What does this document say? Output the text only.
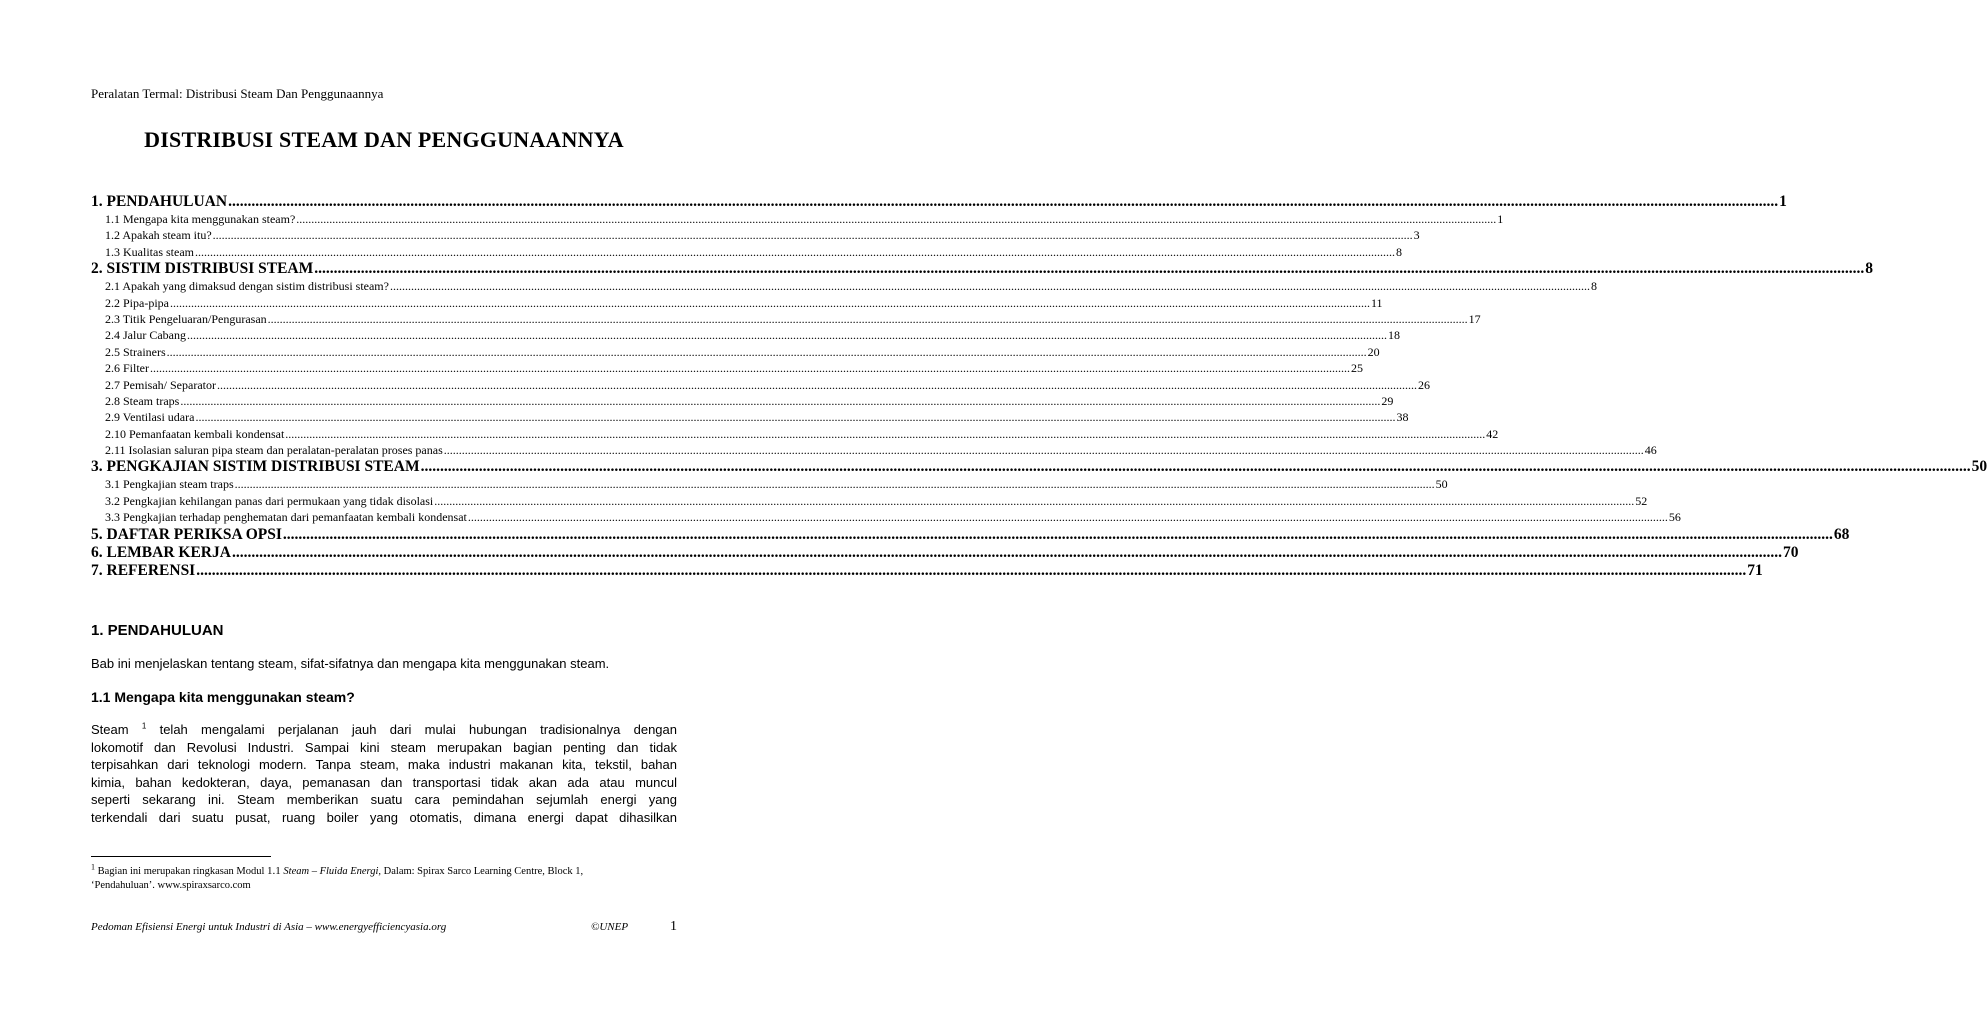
Peralatan Termal: Distribusi Steam Dan Penggunaannya
DISTRIBUSI STEAM DAN PENGGUNAANNYA
1. PENDAHULUAN ................................................................................................................................................................................................................................................................................................................................................................................................................ 1
1.1 Mengapa kita menggunakan steam? ................................................................................................................................................................................................................................................................................................................................................................................................................ 1
1.2 Apakah steam itu? ................................................................................................................................................................................................................................................................................................................................................................................................................ 3
1.3 Kualitas steam ................................................................................................................................................................................................................................................................................................................................................................................................................ 8
2. SISTIM DISTRIBUSI STEAM ................................................................................................................................................................................................................................................................................................................................................................................................................ 8
2.1 Apakah yang dimaksud dengan sistim distribusi steam? ................................................................................................................................................................................................................................................................................................................................................................................................................ 8
2.2 Pipa-pipa ................................................................................................................................................................................................................................................................................................................................................................................................................ 11
2.3 Titik Pengeluaran/Pengurasan ................................................................................................................................................................................................................................................................................................................................................................................................................ 17
2.4 Jalur Cabang ................................................................................................................................................................................................................................................................................................................................................................................................................ 18
2.5 Strainers ................................................................................................................................................................................................................................................................................................................................................................................................................ 20
2.6 Filter ................................................................................................................................................................................................................................................................................................................................................................................................................ 25
2.7 Pemisah/ Separator ................................................................................................................................................................................................................................................................................................................................................................................................................ 26
2.8 Steam traps ................................................................................................................................................................................................................................................................................................................................................................................................................ 29
2.9 Ventilasi udara ................................................................................................................................................................................................................................................................................................................................................................................................................ 38
2.10 Pemanfaatan kembali kondensat ................................................................................................................................................................................................................................................................................................................................................................................................................ 42
2.11 Isolasian saluran pipa steam dan peralatan-peralatan proses panas ................................................................................................................................................................................................................................................................................................................................................................................................................ 46
3. PENGKAJIAN SISTIM DISTRIBUSI STEAM ................................................................................................................................................................................................................................................................................................................................................................................................................ 50
3.1 Pengkajian steam traps ................................................................................................................................................................................................................................................................................................................................................................................................................ 50
3.2 Pengkajian kehilangan panas dari permukaan yang tidak disolasi ................................................................................................................................................................................................................................................................................................................................................................................................................ 52
3.3 Pengkajian terhadap penghematan dari pemanfaatan kembali kondensat ................................................................................................................................................................................................................................................................................................................................................................................................................ 56
5. DAFTAR PERIKSA OPSI ................................................................................................................................................................................................................................................................................................................................................................................................................ 68
6. LEMBAR KERJA ................................................................................................................................................................................................................................................................................................................................................................................................................ 70
7. REFERENSI ................................................................................................................................................................................................................................................................................................................................................................................................................ 71
1. PENDAHULUAN
Bab ini menjelaskan tentang steam, sifat-sifatnya dan mengapa kita menggunakan steam.
1.1 Mengapa kita menggunakan steam?
Steam $^1$ telah mengalami perjalanan jauh dari mulai hubungan tradisionalnya dengan
lokomotif dan Revolusi Industri. Sampai kini steam merupakan bagian penting dan tidak
terpisahkan dari teknologi modern. Tanpa steam, maka industri makanan kita, tekstil, bahan
kimia, bahan kedokteran, daya, pemanasan dan transportasi tidak akan ada atau muncul
seperti sekarang ini. Steam memberikan suatu cara pemindahan sejumlah energi yang
terkendali dari suatu pusat, ruang boiler yang otomatis, dimana energi dapat dihasilkan
$^1$ Bagian ini merupakan ringkasan Modul 1.1 Steam – Fluida Energi, Dalam: Spirax Sarco Learning Centre, Block 1,
‘Pendahuluan’. www.spiraxsarco.com
Pedoman Efisiensi Energi untuk Industri di Asia – www.energyefficiencyasia.org	©UNEP	1
